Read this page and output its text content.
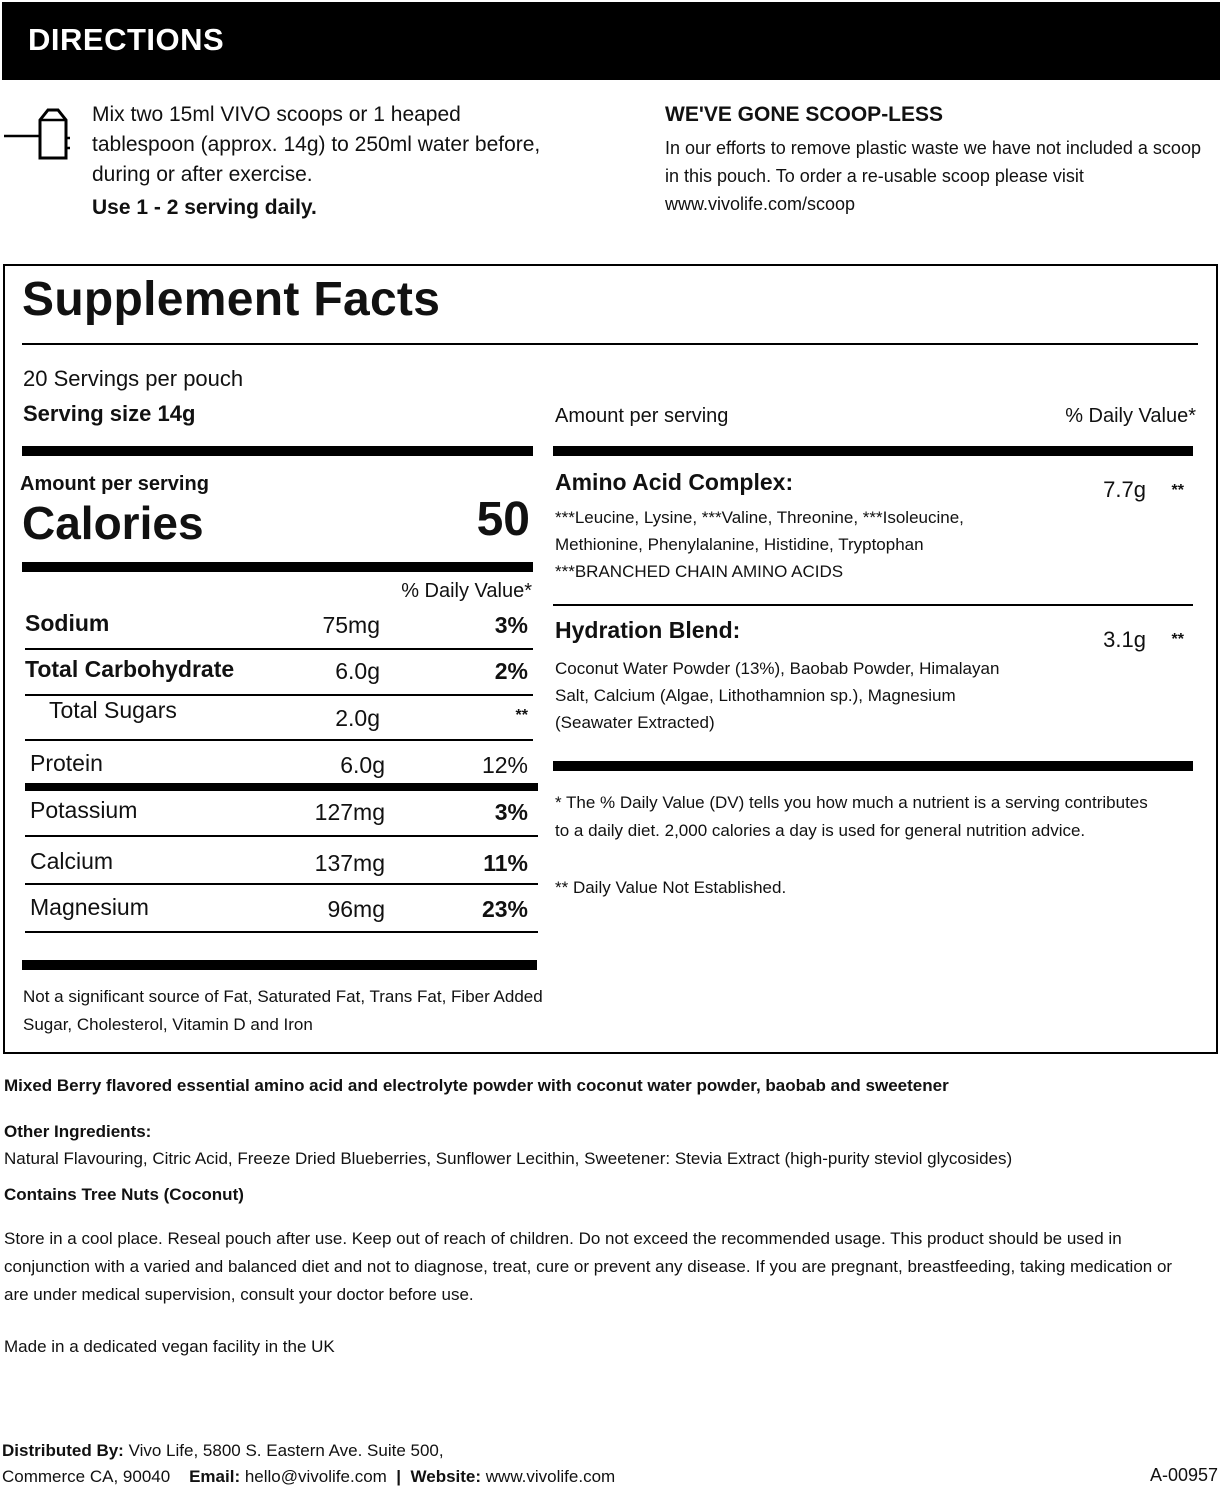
DIRECTIONS
Mix two 15ml VIVO scoops or 1 heaped tablespoon (approx. 14g) to 250ml water before, during or after exercise.
Use 1 - 2 serving daily.
WE'VE GONE SCOOP-LESS
In our efforts to remove plastic waste we have not included a scoop in this pouch. To order a re-usable scoop please visit www.vivolife.com/scoop
Supplement Facts
20 Servings per pouch
Serving size 14g
Amount per serving
Calories	50
% Daily Value*
Sodium	75mg	3%
Total Carbohydrate	6.0g	2%
Total Sugars	2.0g	**
Protein	6.0g	12%
Potassium	127mg	3%
Calcium	137mg	11%
Magnesium	96mg	23%
Not a significant source of Fat, Saturated Fat, Trans Fat, Fiber Added Sugar, Cholesterol, Vitamin D and Iron
Amount per serving	% Daily Value*
Amino Acid Complex:	7.7g **
***Leucine, Lysine, ***Valine, Threonine, ***Isoleucine,
Methionine, Phenylalanine, Histidine, Tryptophan
***BRANCHED CHAIN AMINO ACIDS
Hydration Blend:	3.1g **
Coconut Water Powder (13%), Baobab Powder, Himalayan
Salt, Calcium (Algae, Lithothamnion sp.), Magnesium
(Seawater Extracted)
* The % Daily Value (DV) tells you how much a nutrient is a serving contributes to a daily diet. 2,000 calories a day is used for general nutrition advice.
** Daily Value Not Established.
Mixed Berry flavored essential amino acid and electrolyte powder with coconut water powder, baobab and sweetener
Other Ingredients:
Natural Flavouring, Citric Acid, Freeze Dried Blueberries, Sunflower Lecithin, Sweetener: Stevia Extract (high-purity steviol glycosides)
Contains Tree Nuts (Coconut)
Store in a cool place. Reseal pouch after use. Keep out of reach of children. Do not exceed the recommended usage. This product should be used in conjunction with a varied and balanced diet and not to diagnose, treat, cure or prevent any disease. If you are pregnant, breastfeeding, taking medication or are under medical supervision, consult your doctor before use.
Made in a dedicated vegan facility in the UK
Distributed By: Vivo Life, 5800 S. Eastern Ave. Suite 500,
Commerce CA, 90040 Email: hello@vivolife.com | Website: www.vivolife.com	A-00957
